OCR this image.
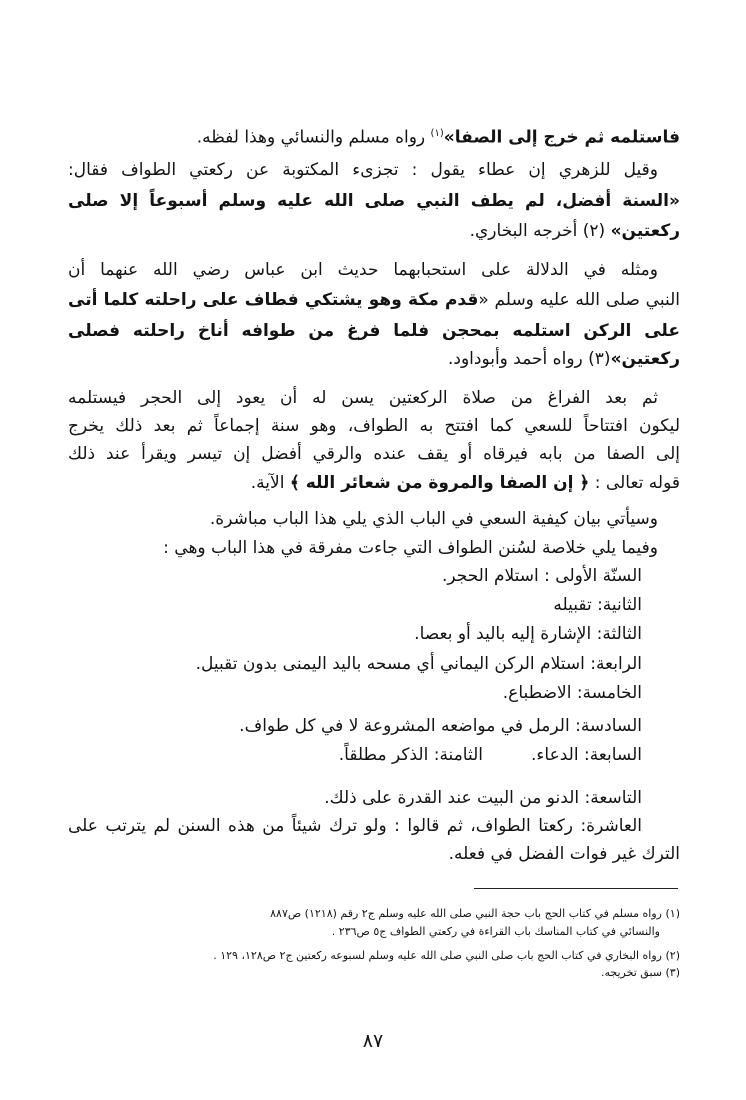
فاستلمه ثم خرج إلى الصفا»$^{(١)}$ رواه مسلم والنسائي وهذا لفظه.
وقيل للزهري إن عطاء يقول : تجزىء المكتوبة عن ركعتي الطواف فقال:
«السنة أفضل، لم يطف النبي صلى الله عليه وسلم أسبوعاً إلا صلى
ركعتين» (٢) أخرجه البخاري.
ومثله في الدلالة على استحبابهما حديث ابن عباس رضي الله عنهما أن
النبي صلى الله عليه وسلم «قدم مكة وهو يشتكي فطاف على راحلته كلما أتى
على الركن استلمه بمحجن فلما فرغ من طوافه أناخ راحلته فصلى
ركعتين»(٣) رواه أحمد وأبوداود.
ثم بعد الفراغ من صلاة الركعتين يسن له أن يعود إلى الحجر فيستلمه
ليكون افتتاحاً للسعي كما افتتح به الطواف، وهو سنة إجماعاً ثم بعد ذلك يخرج
إلى الصفا من بابه فيرقاه أو يقف عنده والرقي أفضل إن تيسر ويقرأ عند ذلك
قوله تعالى : ﴿ إن الصفا والمروة من شعائر الله ﴾ الآية.
وسيأتي بيان كيفية السعي في الباب الذي يلي هذا الباب مباشرة.
وفيما يلي خلاصة لسُنن الطواف التي جاءت مفرقة في هذا الباب وهي :
السنّة الأولى : استلام الحجر.
الثانية: تقبيله
الثالثة: الإشارة إليه باليد أو بعصا.
الرابعة: استلام الركن اليماني أي مسحه باليد اليمنى بدون تقبيل.
الخامسة: الاضطباع.
السادسة: الرمل في مواضعه المشروعة لا في كل طواف.
السابعة: الدعاء.الثامنة: الذكر مطلقاً.
التاسعة: الدنو من البيت عند القدرة على ذلك.
العاشرة: ركعتا الطواف، ثم قالوا : ولو ترك شيئاً من هذه السنن لم يترتب على
الترك غير فوات الفضل في فعله.
(١) رواه مسلم في كتاب الحج باب حجة النبي صلى الله عليه وسلم ج٢ رقم (١٢١٨) ص٨٨٧
والنسائي في كتاب المناسك باب القراءة في ركعتي الطواف ج٥ ص٢٣٦ .
(٢) رواه البخاري في كتاب الحج باب صلى النبي صلى الله عليه وسلم لسبوعه ركعتين ج٢ ص١٢٨، ١٢٩ .
(٣) سبق تخريجه.
٨٧
